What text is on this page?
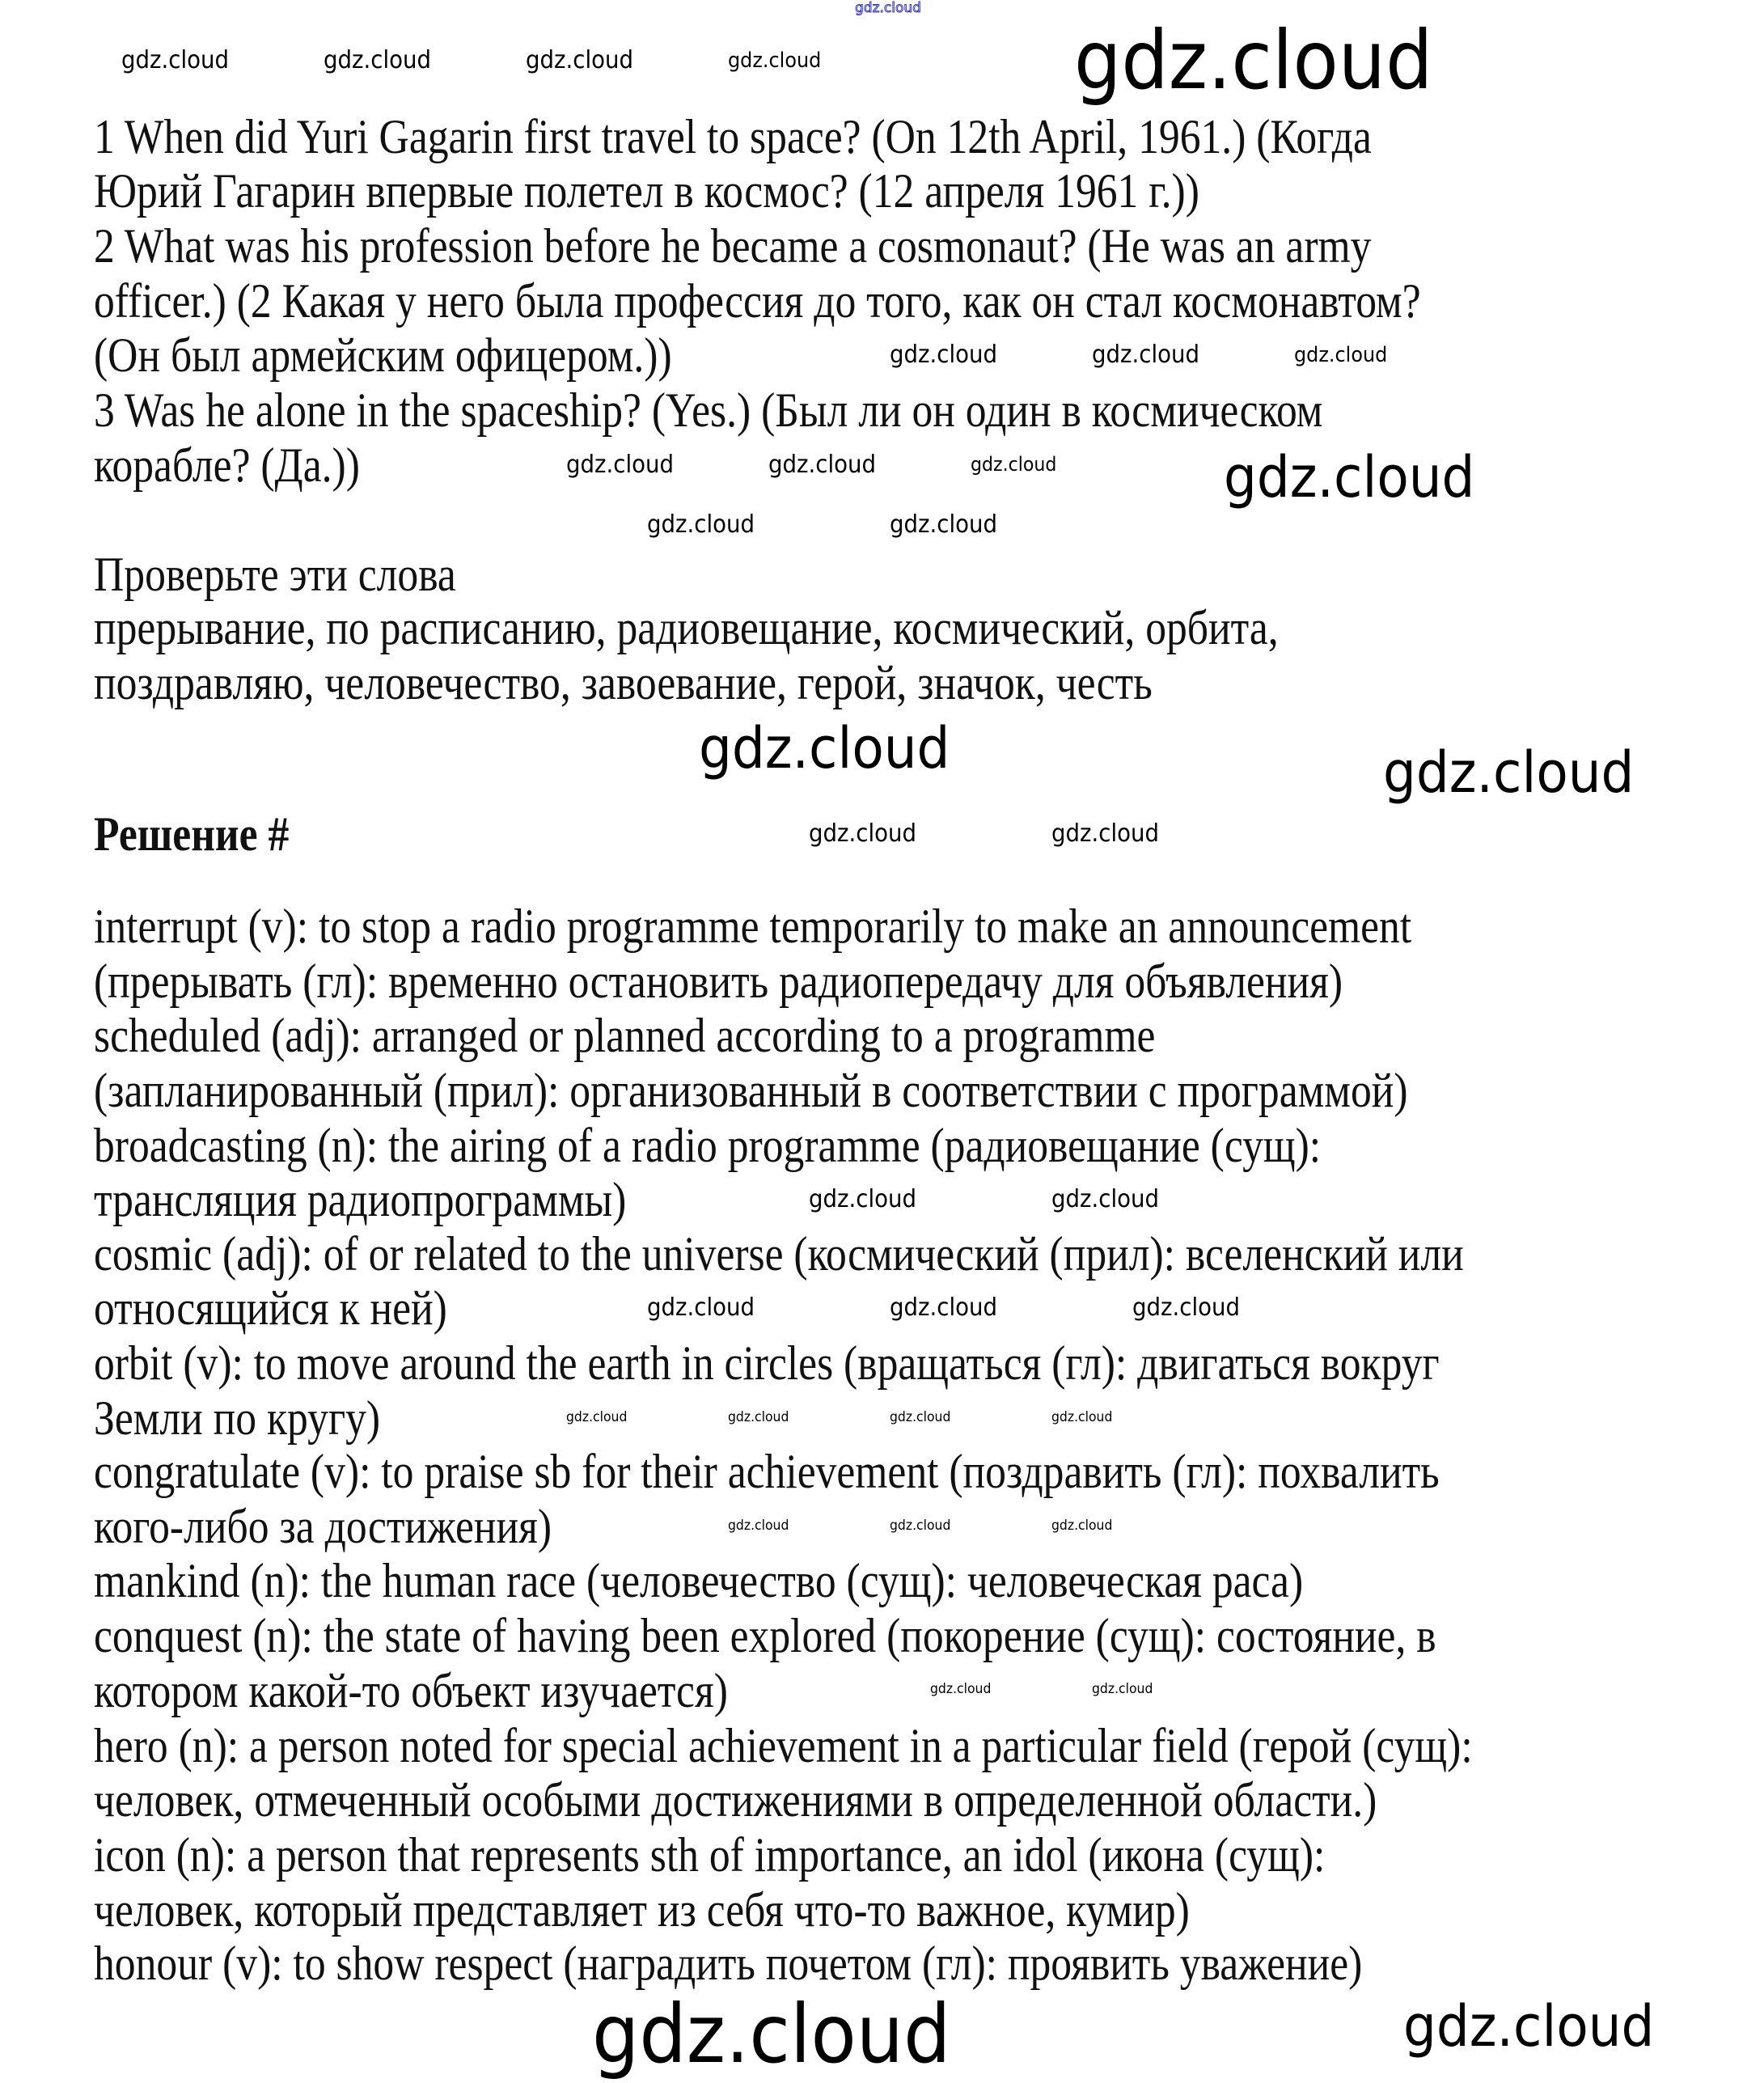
gdz.cloud
1 When did Yuri Gagarin first travel to space? (On 12th April, 1961.) (Когда
Юрий Гагарин впервые полетел в космос? (12 апреля 1961 г.))
2 What was his profession before he became a cosmonaut? (He was an army
officer.) (2 Какая у него была профессия до того, как он стал космонавтом?
(Он был армейским офицером.))
3 Was he alone in the spaceship? (Yes.) (Был ли он один в космическом
корабле? (Да.))
Проверьте эти слова
прерывание, по расписанию, радиовещание, космический, орбита,
поздравляю, человечество, завоевание, герой, значок, честь
Решение #
interrupt (v): to stop a radio programme temporarily to make an announcement
(прерывать (гл): временно остановить радиопередачу для объявления)
scheduled (adj): arranged or planned according to a programme
(запланированный (прил): организованный в соответствии с программой)
broadcasting (n): the airing of a radio programme (радиовещание (сущ):
трансляция радиопрограммы)
cosmic (adj): of or related to the universe (космический (прил): вселенский или
относящийся к ней)
orbit (v): to move around the earth in circles (вращаться (гл): двигаться вокруг
Земли по кругу)
congratulate (v): to praise sb for their achievement (поздравить (гл): похвалить
кого-либо за достижения)
mankind (n): the human race (человечество (сущ): человеческая раса)
conquest (n): the state of having been explored (покорение (сущ): состояние, в
котором какой-то объект изучается)
hero (n): a person noted for special achievement in a particular field (герой (сущ):
человек, отмеченный особыми достижениями в определенной области.)
icon (n): a person that represents sth of importance, an idol (икона (сущ):
человек, который представляет из себя что-то важное, кумир)
honour (v): to show respect (наградить почетом (гл): проявить уважение)
gdz.cloud
gdz.cloud
gdz.cloud
gdz.cloud
gdz.cloud
gdz.cloud
gdz.cloud	gdz.cloud	gdz.cloud	gdz.cloud
gdz.cloud	gdz.cloud	gdz.cloud
gdz.cloud	gdz.cloud	gdz.cloud
gdz.cloud	gdz.cloud
gdz.cloud	gdz.cloud
gdz.cloud	gdz.cloud
gdz.cloud	gdz.cloud	gdz.cloud
gdz.cloud	gdz.cloud	gdz.cloud	gdz.cloud
gdz.cloud	gdz.cloud	gdz.cloud
gdz.cloud	gdz.cloud
